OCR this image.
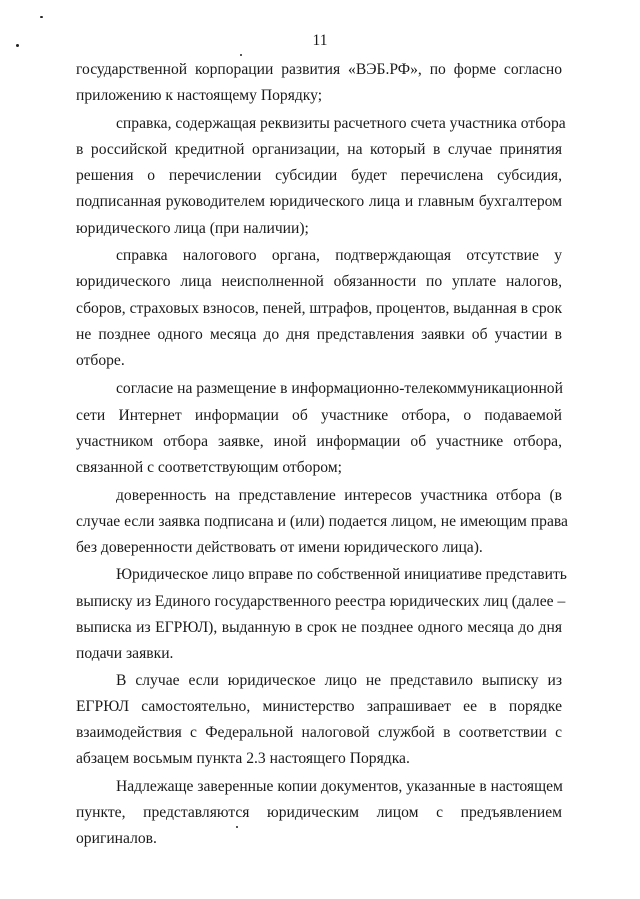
11
государственной корпорации развития «ВЭБ.РФ», по форме согласно
приложению к настоящему Порядку;
справка, содержащая реквизиты расчетного счета участника отбора
в российской кредитной организации, на который в случае принятия
решения о перечислении субсидии будет перечислена субсидия,
подписанная руководителем юридического лица и главным бухгалтером
юридического лица (при наличии);
справка налогового органа, подтверждающая отсутствие у
юридического лица неисполненной обязанности по уплате налогов,
сборов, страховых взносов, пеней, штрафов, процентов, выданная в срок
не позднее одного месяца до дня представления заявки об участии в
отборе.
согласие на размещение в информационно-телекоммуникационной
сети Интернет информации об участнике отбора, о подаваемой
участником отбора заявке, иной информации об участнике отбора,
связанной с соответствующим отбором;
доверенность на представление интересов участника отбора (в
случае если заявка подписана и (или) подается лицом, не имеющим права
без доверенности действовать от имени юридического лица).
Юридическое лицо вправе по собственной инициативе представить
выписку из Единого государственного реестра юридических лиц (далее –
выписка из ЕГРЮЛ), выданную в срок не позднее одного месяца до дня
подачи заявки.
В случае если юридическое лицо не представило выписку из
ЕГРЮЛ самостоятельно, министерство запрашивает ее в порядке
взаимодействия с Федеральной налоговой службой в соответствии с
абзацем восьмым пункта 2.3 настоящего Порядка.
Надлежаще заверенные копии документов, указанные в настоящем
пункте, представляются юридическим лицом с предъявлением
оригиналов.
